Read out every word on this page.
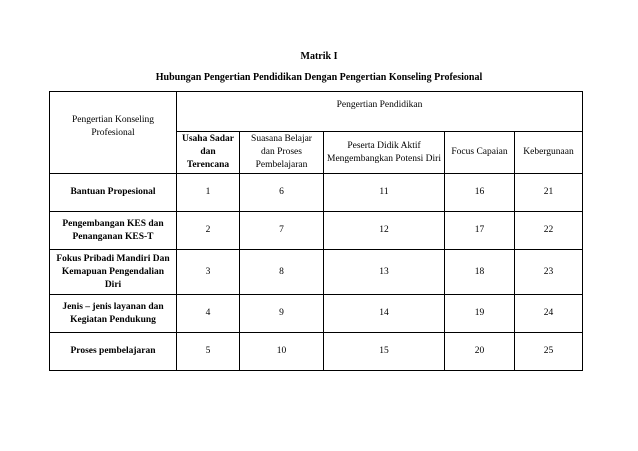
Matrik I
Hubungan Pengertian Pendidikan Dengan Pengertian Konseling Profesional
Pengertian Konseling Profesional	Pengertian Pendidikan				
	Usaha Sadar dan Terencana	Suasana Belajar dan Proses Pembelajaran	Peserta Didik Aktif Mengembangkan Potensi Diri	Focus Capaian	Kebergunaan
Bantuan Propesional	1	6	11	16	21
Pengembangan KES dan Penanganan KES-T	2	7	12	17	22
Fokus Pribadi Mandiri Dan Kemapuan Pengendalian Diri	3	8	13	18	23
Jenis – jenis layanan dan Kegiatan Pendukung	4	9	14	19	24
Proses pembelajaran	5	10	15	20	25
